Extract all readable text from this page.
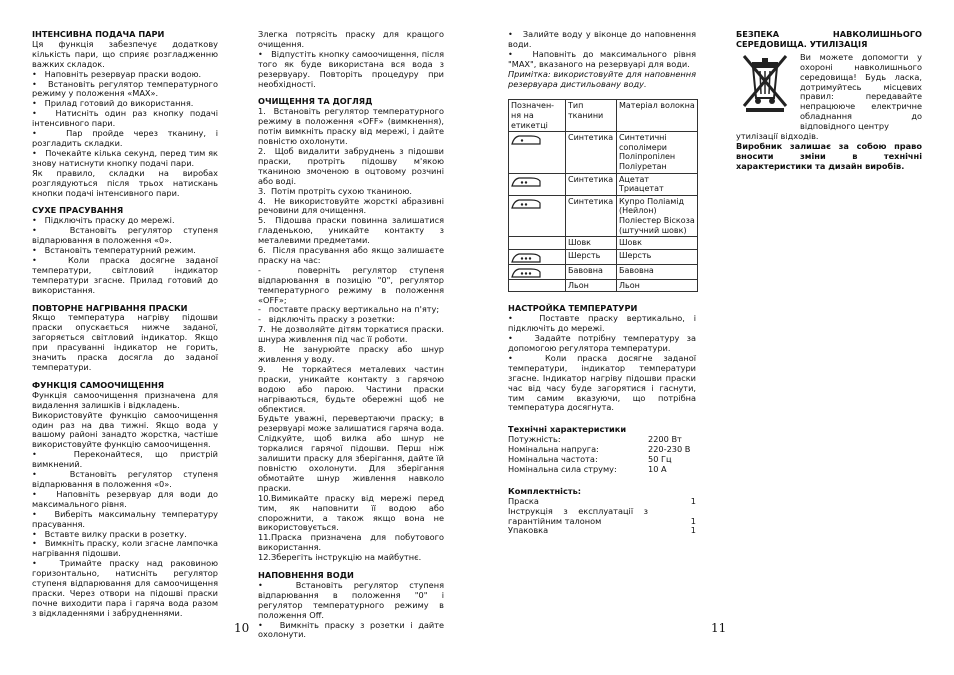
ІНТЕНСИВНА ПОДАЧА ПАРИ

Ця функція забезпечує додаткову кількість пари, що сприяє розгладженню важких складок.

•   Наповніть резервуар праски водою.

•   Встановіть регулятор температурного режиму у положення «MAX».

•   Прилад готовий до використання.

•   Натисніть один раз кнопку подачі інтенсивного пари.

•   Пар пройде через тканину, і розгладить складки.

•   Почекайте кілька секунд, перед тим як знову натиснути кнопку подачі пари.

Як правило, складки на виробах розглядуються після трьох натискань кнопки подачі інтенсивного пари.

СУХЕ ПРАСУВАННЯ

•   Підключіть праску до мережі.

•   Встановіть регулятор ступеня відпарювання в положення «0».

•   Встановіть температурний режим.

•   Коли праска досягне заданої температури, світловий індикатор температури згасне. Прилад готовий до використання.

ПОВТОРНЕ НАГРІВАННЯ ПРАСКИ

Якщо температура нагріву підошви праски опускається нижче заданої, загоряється світловий індикатор. Якщо при прасуванні індикатор не горить, значить праска досягла до заданої температури.

ФУНКЦІЯ САМООЧИЩЕННЯ

Функція самоочищення призначена для видалення залишків і відкладень.

Використовуйте функцію самоочищення один раз на два тижні. Якщо вода у вашому районі занадто жорстка, частіше використовуйте функцію самоочищення.

•   Переконайтеся, що пристрій вимкнений.

•   Встановіть регулятор ступеня відпарювання в положення «0».

•   Наповніть резервуар для води до максимального рівня.

•   Виберіть максимальну температуру прасування.

•   Вставте вилку праски в розетку.

•   Вимкніть праску, коли згасне лампочка нагрівання підошви.

•   Тримайте праску над раковиною горизонтально, натисніть регулятор ступеня відпарювання для самоочищення праски. Через отвори на підошві праски почне виходити пара і гаряча вода разом з відкладеннями і забрудненнями.

Злегка потрясіть праску для кращого очищення.

•   Відпустіть кнопку самоочищення, після того як буде використана вся вода з резервуару. Повторіть процедуру при необхідності.

ОЧИЩЕННЯ ТА ДОГЛЯД

1.  Встановіть регулятор температурного режиму в положення «OFF» (вимкнення), потім вимкніть праску від мережі, і дайте повністю охолонути.

2.  Щоб видалити забруднень з підошви праски, протріть підошву м'якою тканиною змоченою в оцтовому розчині або воді.

3.  Потім протріть сухою тканиною.

4.  Не використовуйте жорсткі абразивні речовини для очищення.

5.  Підошва праски повинна залишатися гладенькою, уникайте контакту з металевими предметами.

6.  Після прасування або якщо залишаєте праску на час:

-   поверніть регулятор ступеня відпарювання в позицію "0", регулятор температурного режиму в положення «OFF»;

-   поставте праску вертикально на п'яту;

-   відключіть праску з розетки:

7.  Не дозволяйте дітям торкатися праски. шнура живлення під час її роботи.

8.  Не занурюйте праску або шнур живлення у воду.

9.  Не торкайтеся металевих частин праски, уникайте контакту з гарячою водою або парою. Частини праски нагріваються, будьте обережні щоб не обпектися.

Будьте уважні, перевертаючи праску; в резервуарі може залишатися гаряча вода. Слідкуйте, щоб вилка або шнур не торкалися гарячої підошви. Перш ніж залишити праску для зберігання, дайте їй повністю охолонути. Для зберігання обмотайте шнур живлення навколо праски.

10.Вимикайте праску від мережі перед тим, як наповнити її водою або спорожнити, а також якщо вона не використовується.

11.Праска призначена для побутового використання.

12.Зберегіть інструкцію на майбутнє.

НАПОВНЕННЯ ВОДИ

•   Встановіть регулятор ступеня відпарювання в положення "0" і регулятор температурного режиму в положення Off.

•   Вимкніть праску з розетки і дайте охолонути.

•   Залийте воду у віконце до наповнення води.

•   Наповніть до максимального рівня "MAX", вказаного на резервуарі для води.

Примітка: використовуйте для наповнення резервуара дистильовану воду.

Позначен-ня на етикетці	Тип тканини	Матеріал волокна

	Синтетика	Синтетичні сополімери Поліпропілен Поліуретан

	Синтетика	Ацетат Триацетат

	Синтетика	Купро Поліамід (Нейлон) Поліестер Віскоза (штучний шовк)
	Шовк	Шовк

	Шерсть	Шерсть

	Бавовна	Бавовна
	Льон	Льон

НАСТРОЙКА ТЕМПЕРАТУРИ

•   Поставте праску вертикально, і підключіть до мережі.

•   Задайте потрібну температуру за допомогою регулятора температури.

•   Коли праска досягне заданої температури, індикатор температури згасне. Індикатор нагріву підошви праски час від часу буде загорятися і гаснути, тим самим вказуючи, що потрібна температура досягнута.

Технічні характеристики

Потужність:	2200 Вт
Номінальна напруга:	220-230 В
Номінальна частота:	50 Гц
Номінальна сила струму:	10 А

Комплектність:

Праска	1
Інструкція з експлуатації з гарантійним талоном	1
Упаковка	1

БЕЗПЕКА НАВКОЛИШНЬОГО СЕРЕДОВИЩА. УТИЛІЗАЦІЯ

Ви можете допомогти у охороні навколишнього середовища! Будь ласка, дотримуйтесь місцевих правил: передавайте непрацююче електричне обладнання до відповідного центру

утилізації відходів.

Виробник залишає за собою право вносити зміни в технічні характеристики та дизайн виробів.

10	11
